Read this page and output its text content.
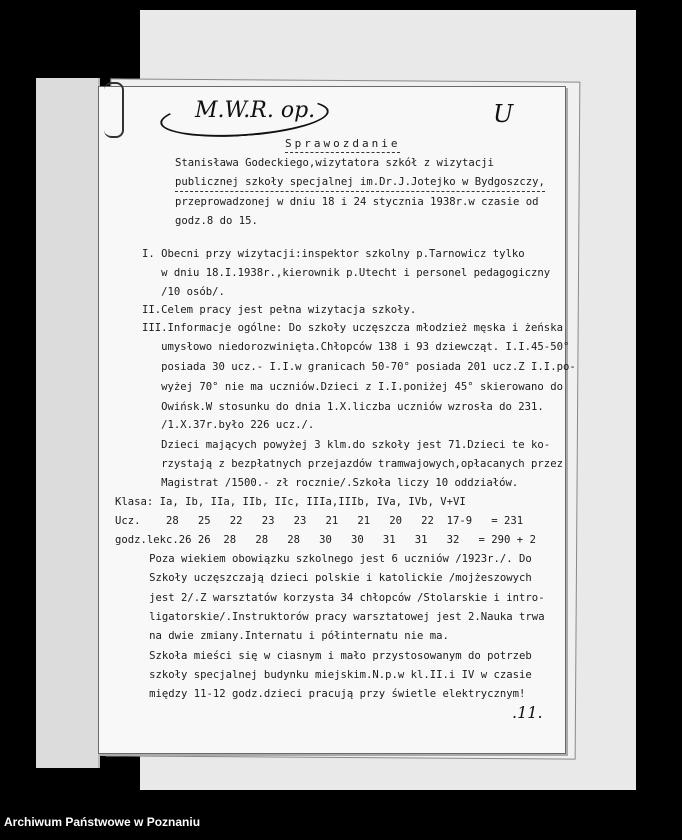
M.W.R. op.	U

Sprawozdanie

Stanisława Godeckiego,wizytatora szkół z wizytacji

publicznej szkoły specjalnej im.Dr.J.Jotejko w Bydgoszczy,

przeprowadzonej w dniu 18 i 24 stycznia 1938r.w czasie od

godz.8 do 15.

I. Obecni przy wizytacji:inspektor szkolny p.Tarnowicz tylko

w dniu 18.I.1938r.,kierownik p.Utecht i personel pedagogiczny

/10 osób/.

II.Celem pracy jest pełna wizytacja szkoły.

III.Informacje ogólne: Do szkoły uczęszcza młodzież męska i żeńska

umysłowo niedorozwinięta.Chłopców 138 i 93 dziewcząt. I.I.45-50°

posiada 30 ucz.- I.I.w granicach 50-70° posiada 201 ucz.Z I.I.po-

wyżej 70° nie ma uczniów.Dzieci z I.I.poniżej 45° skierowano do

Owińsk.W stosunku do dnia 1.X.liczba uczniów wzrosła do 231.

/1.X.37r.było 226 ucz./.

Dzieci mających powyżej 3 klm.do szkoły jest 71.Dzieci te ko-

rzystają z bezpłatnych przejazdów tramwajowych,opłacanych przez

Magistrat /1500.- zł rocznie/.Szkoła liczy 10 oddziałów.

Klasa: Ia, Ib, IIa, IIb, IIc, IIIa,IIIb, IVa, IVb, V+VI

Ucz.    28   25   22   23   23   21   21   20   22  17-9   = 231

godz.lekc.26 26  28   28   28   30   30   31   31   32   = 290 + 2

Poza wiekiem obowiązku szkolnego jest 6 uczniów /1923r./. Do

Szkoły uczęszczają dzieci polskie i katolickie /mojżeszowych

jest 2/.Z warsztatów korzysta 34 chłopców /Stolarskie i intro-

ligatorskie/.Instruktorów pracy warsztatowej jest 2.Nauka trwa

na dwie zmiany.Internatu i półinternatu nie ma.

Szkoła mieści się w ciasnym i mało przystosowanym do potrzeb

szkoły specjalnej budynku miejskim.N.p.w kl.II.i IV w czasie

między 11-12 godz.dzieci pracują przy świetle elektrycznym!

.11.
Archiwum Państwowe w Poznaniu
